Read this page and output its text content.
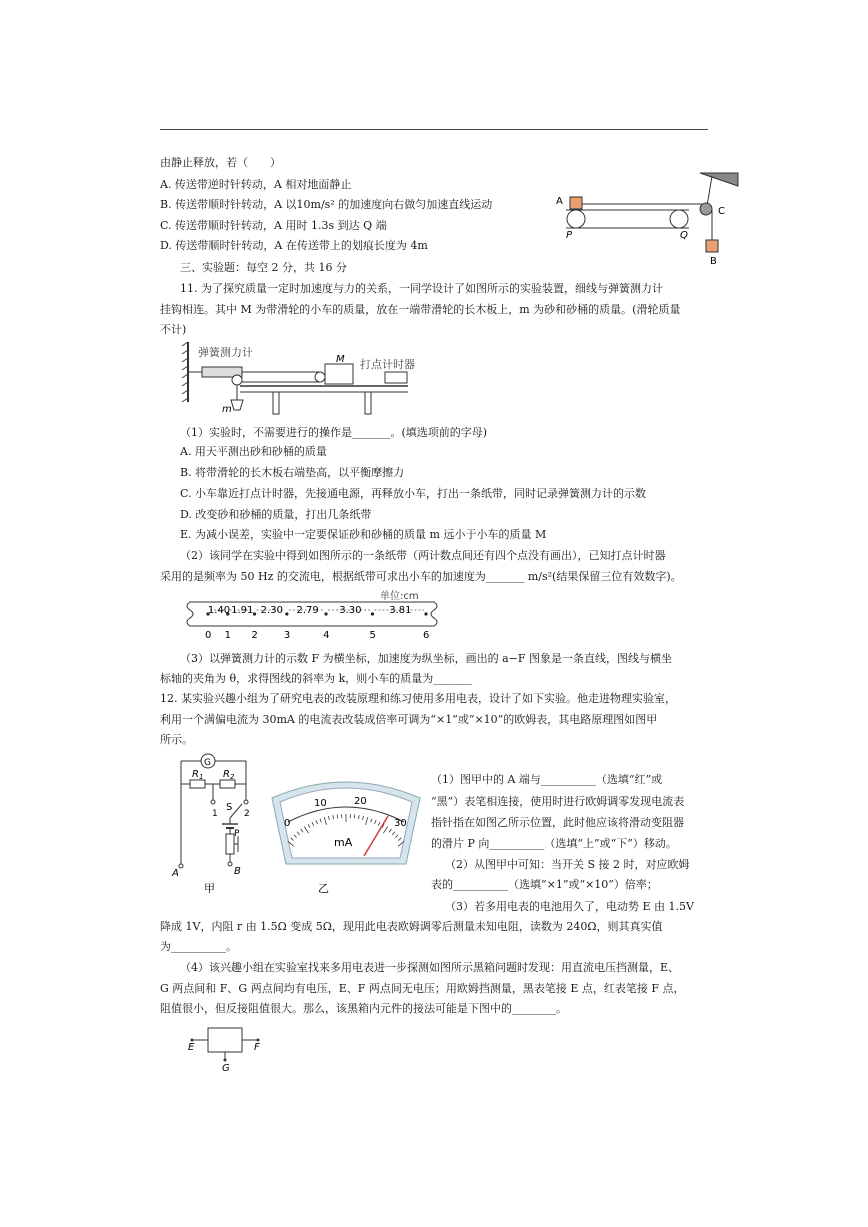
由静止释放，若（　　）
A. 传送带逆时针转动，A 相对地面静止
B. 传送带顺时针转动，A 以10m/s² 的加速度向右做匀加速直线运动
C. 传送带顺时针转动，A 用时 1.3s 到达 Q 端
D. 传送带顺时针转动，A 在传送带上的划痕长度为 4m
三、实验题：每空 2 分，共 16 分
11. 为了探究质量一定时加速度与力的关系，一同学设计了如图所示的实验装置，细线与弹簧测力计
挂钩相连。其中 M 为带滑轮的小车的质量，放在一端带滑轮的长木板上，m 为砂和砂桶的质量。(滑轮质量
不计)
（1）实验时，不需要进行的操作是_______。(填选项前的字母)
A. 用天平测出砂和砂桶的质量
B. 将带滑轮的长木板右端垫高，以平衡摩擦力
C. 小车靠近打点计时器，先接通电源，再释放小车，打出一条纸带，同时记录弹簧测力计的示数
D. 改变砂和砂桶的质量，打出几条纸带
E. 为减小误差，实验中一定要保证砂和砂桶的质量 m 远小于小车的质量 M
（2）该同学在实验中得到如图所示的一条纸带（两计数点间还有四个点没有画出），已知打点计时器
采用的是频率为 50 Hz 的交流电，根据纸带可求出小车的加速度为_______ m/s²(结果保留三位有效数字)。
（3）以弹簧测力计的示数 F 为横坐标，加速度为纵坐标，画出的 a−F 图象是一条直线，图线与横坐
标轴的夹角为 θ，求得图线的斜率为 k，则小车的质量为_______
12. 某实验兴趣小组为了研究电表的改装原理和练习使用多用电表，设计了如下实验。他走进物理实验室，
利用一个满偏电流为 30mA 的电流表改装成倍率可调为“×1”或“×10”的欧姆表，其电路原理图如图甲
所示。
（1）图甲中的 A 端与__________（选填“红”或
“黑”）表笔相连接，使用时进行欧姆调零发现电流表
指针指在如图乙所示位置，此时他应该将滑动变阻器
的滑片 P 向__________（选填“上”或“下”）移动。
（2）从图甲中可知：当开关 S 接 2 时，对应欧姆
表的__________（选填“×1”或“×10”）倍率；
（3）若多用电表的电池用久了，电动势 E 由 1.5V
降成 1V，内阻 r 由 1.5Ω 变成 5Ω，现用此电表欧姆调零后测量未知电阻，读数为 240Ω，则其真实值
为__________。
（4）该兴趣小组在实验室找来多用电表进一步探测如图所示黑箱问题时发现：用直流电压挡测量，E、
G 两点间和 F、G 两点间均有电压，E、F 两点间无电压；用欧姆挡测量，黑表笔接 E 点，红表笔接 F 点，
阻值很小，但反接阻值很大。那么，该黑箱内元件的接法可能是下图中的________。
A
P	Q
C
B
弹簧测力计
m
M 打点计时器
单位:cm
0 1 2	3	4	5	6
1.40 1.91 2.30 2.79 3.30	3.81
G
$R_1$ $R_2$
1	2
S
P
B
A
甲
0
10	20
30
mA
乙
E	F
G
